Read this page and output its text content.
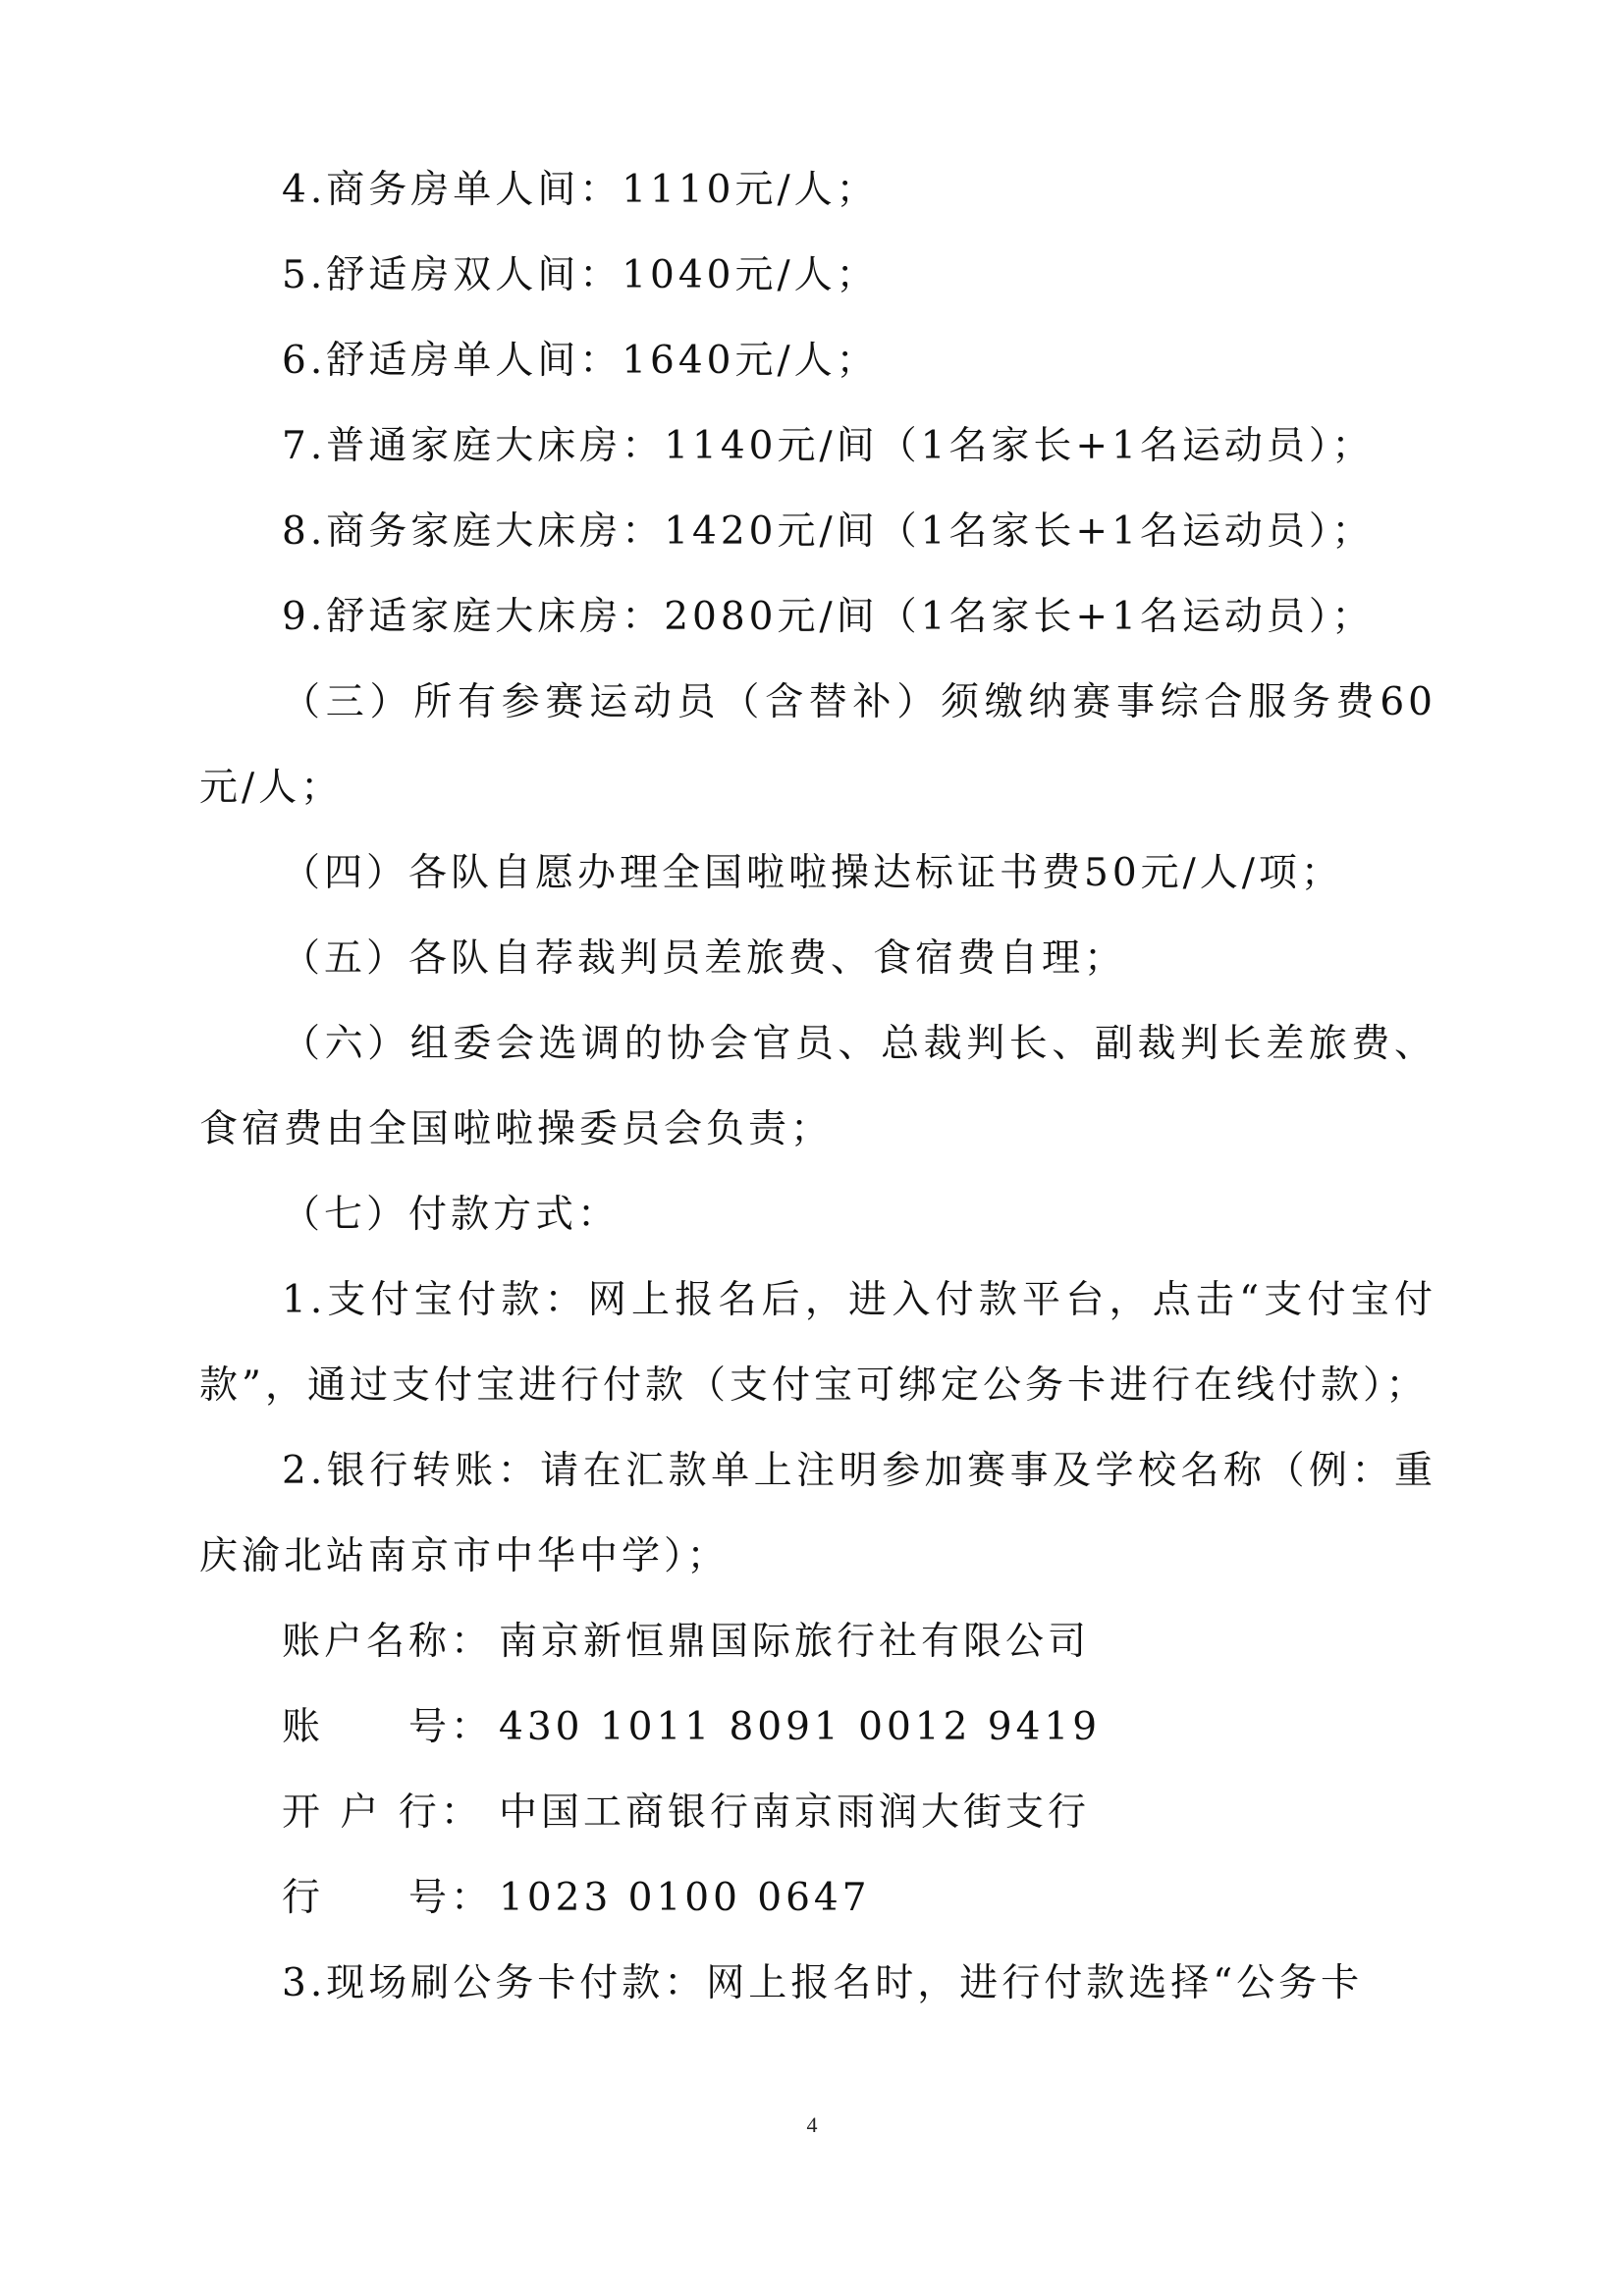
4.商务房单人间：1110元/人；

5.舒适房双人间：1040元/人；

6.舒适房单人间：1640元/人；

7.普通家庭大床房：1140元/间（1名家长+1名运动员）；

8.商务家庭大床房：1420元/间（1名家长+1名运动员）；

9.舒适家庭大床房：2080元/间（1名家长+1名运动员）；

（三）所有参赛运动员（含替补）须缴纳赛事综合服务费60元/人；

（四）各队自愿办理全国啦啦操达标证书费50元/人/项；

（五）各队自荐裁判员差旅费、食宿费自理；

（六）组委会选调的协会官员、总裁判长、副裁判长差旅费、食宿费由全国啦啦操委员会负责；

（七）付款方式：

1.支付宝付款：网上报名后，进入付款平台，点击“支付宝付款”，通过支付宝进行付款（支付宝可绑定公务卡进行在线付款）；

2.银行转账：请在汇款单上注明参加赛事及学校名称（例：重庆渝北站南京市中华中学）；

账户名称： 南京新恒鼎国际旅行社有限公司
账　　号： 430 1011 8091 0012 9419
开 户 行： 中国工商银行南京雨润大街支行
行　　号： 1023 0100 0647

3.现场刷公务卡付款：网上报名时，进行付款选择“公务卡

4
